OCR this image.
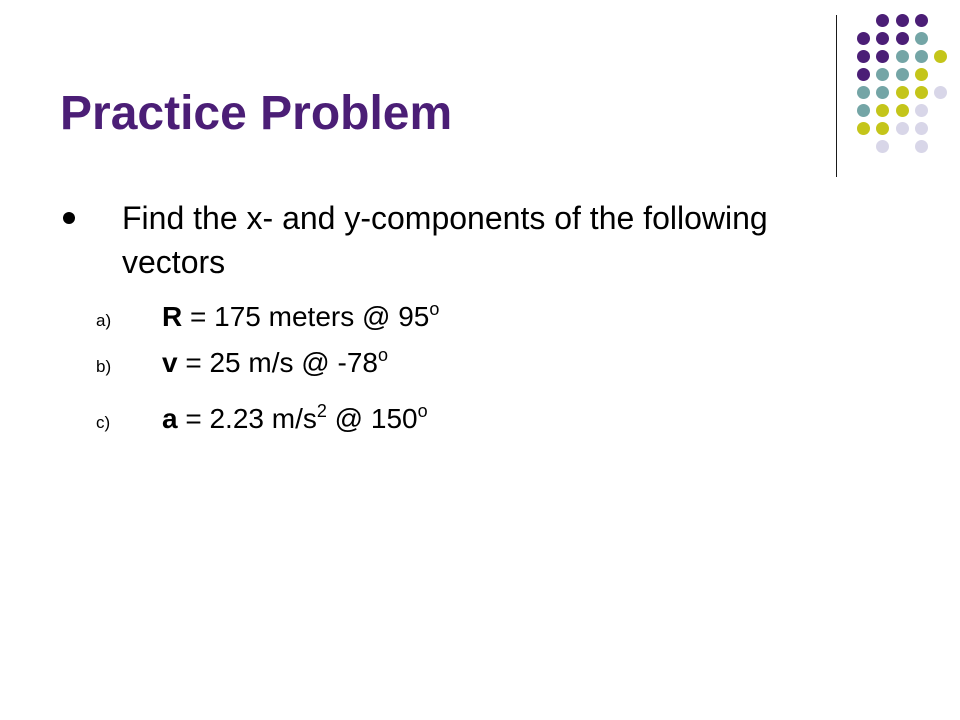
Practice Problem
Find the x- and y-components of the following vectors
a) R = 175 meters @ 95$^o$
b) v = 25 m/s @ -78$^o$
c) a = 2.23 $m/s^2$ @ 150$^o$
